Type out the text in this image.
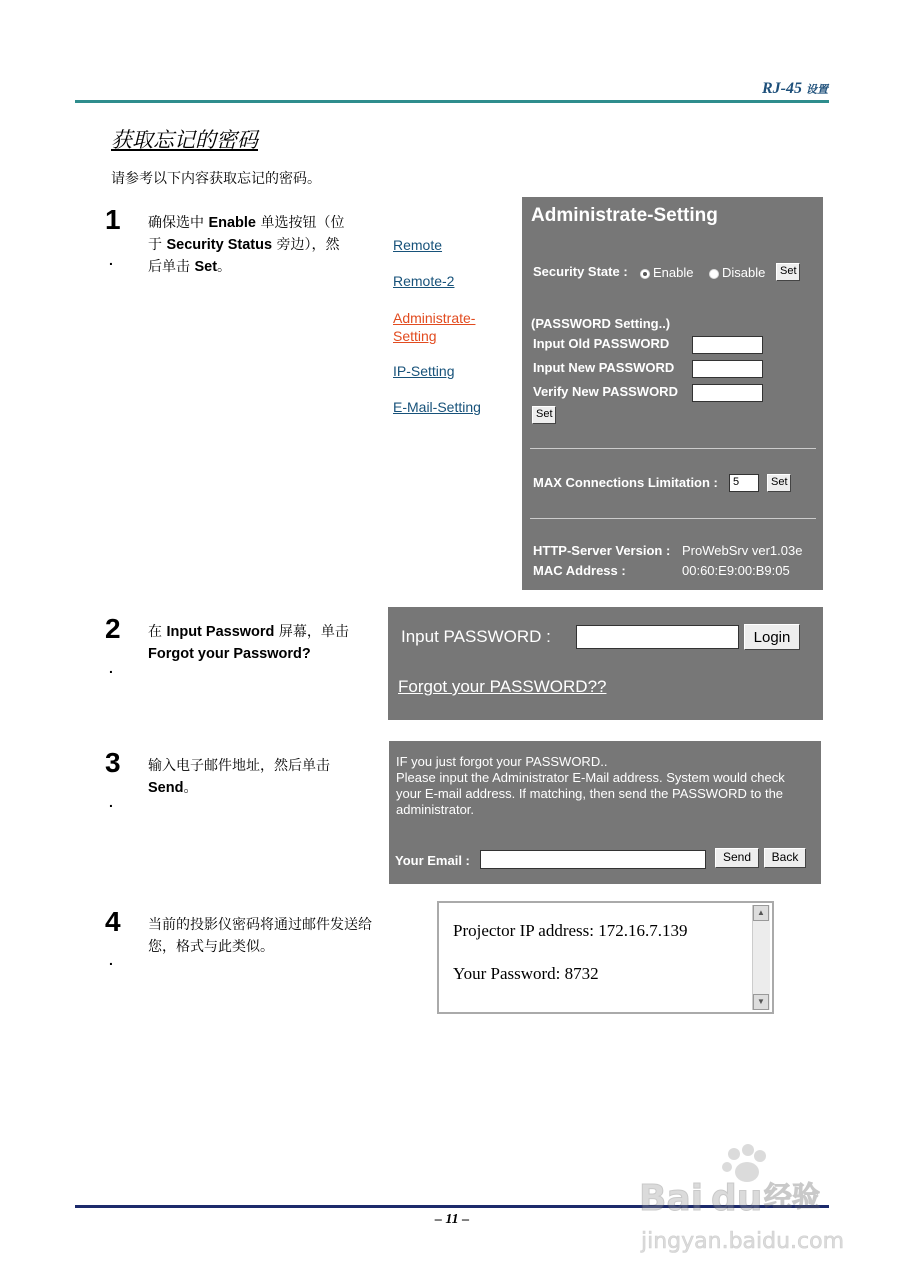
RJ-45 设置
获取忘记的密码
请参考以下内容获取忘记的密码。
1
.
确保选中 Enable 单选按钮（位于 Security Status 旁边），然后单击 Set。
Remote
Remote-2
Administrate-Setting
IP-Setting
E-Mail-Setting
Administrate-Setting
Security State :	Enable	Disable	Set
(PASSWORD Setting..)
Input Old PASSWORD
Input New PASSWORD
Verify New PASSWORD
Set
MAX Connections Limitation :	5	Set
HTTP-Server Version : ProWebSrv ver1.03e
MAC Address :	00:60:E9:00:B9:05
2
.
在 Input Password 屏幕，单击 Forgot your Password?
Input PASSWORD :	Login
Forgot your PASSWORD??
3
.
输入电子邮件地址，然后单击 Send。
IF you just forgot your PASSWORD..
Please input the Administrator E-Mail address. System would check
your E-mail address. If matching, then send the PASSWORD to the
administrator.
Your Email :	Send	Back
4
.
当前的投影仪密码将通过邮件发送给您，格式与此类似。
Projector IP address: 172.16.7.139
Your Password: 8732
▲
▼
– 11 –
Bai du 经验
jingyan.baidu.com
